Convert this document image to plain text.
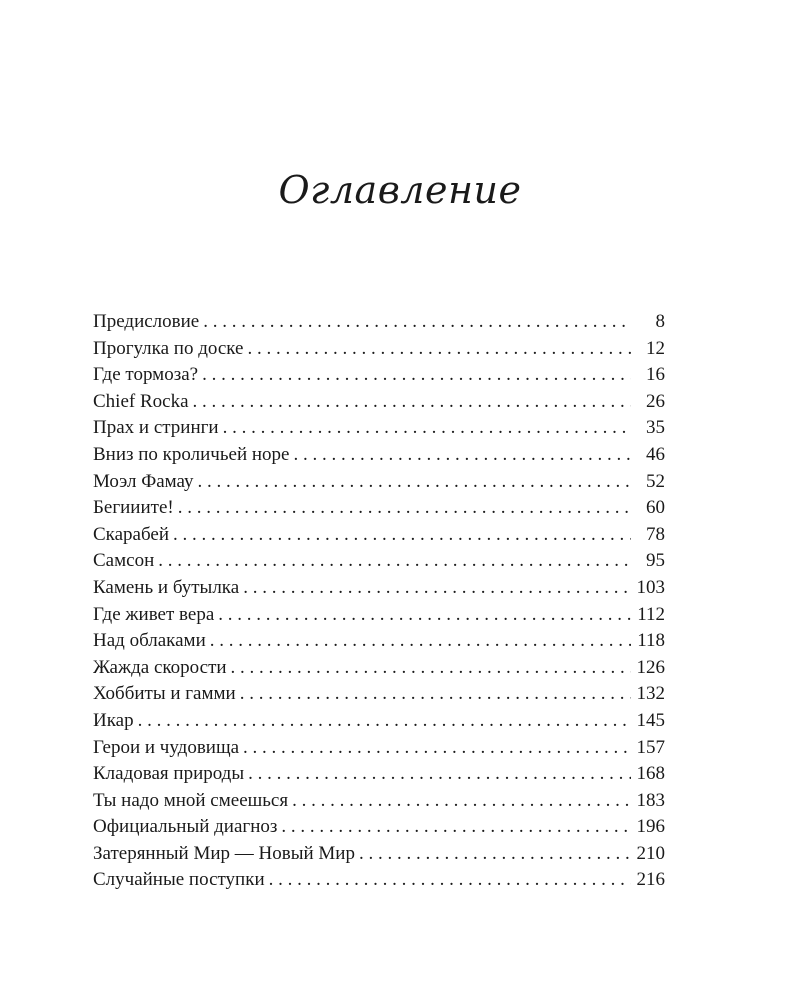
Оглавление
Предисловие . . .	8
Прогулка по доске . . .	12
Где тормоза? . . .	16
Chief Rocka . . .	26
Прах и стринги . . .	35
Вниз по кроличьей норе . . .	46
Моэл Фамау . . .	52
Бегииите! . . .	60
Скарабей . . .	78
Самсон . . .	95
Камень и бутылка . . .	103
Где живет вера . . .	112
Над облаками . . .	118
Жажда скорости . . .	126
Хоббиты и гамми . . .	132
Икар . . .	145
Герои и чудовища . . .	157
Кладовая природы . . .	168
Ты надо мной смеешься . . .	183
Официальный диагноз . . .	196
Затерянный Мир — Новый Мир . . .	210
Случайные поступки . . .	216
